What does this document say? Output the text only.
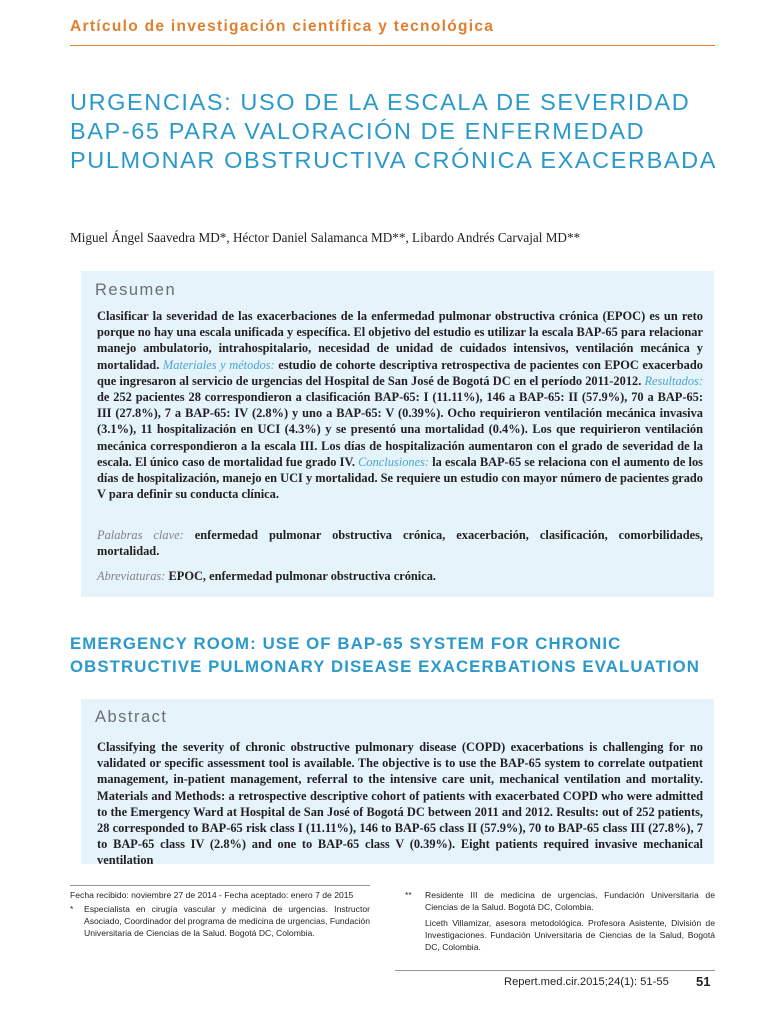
Artículo de investigación científica y tecnológica
URGENCIAS: USO DE LA ESCALA DE SEVERIDAD BAP-65 PARA VALORACIÓN DE ENFERMEDAD PULMONAR OBSTRUCTIVA CRÓNICA EXACERBADA
Miguel Ángel Saavedra MD*, Héctor Daniel Salamanca MD**, Libardo Andrés Carvajal MD**
Resumen

Clasificar la severidad de las exacerbaciones de la enfermedad pulmonar obstructiva crónica (EPOC) es un reto porque no hay una escala unificada y específica. El objetivo del estudio es utilizar la escala BAP-65 para relacionar manejo ambulatorio, intrahospitalario, necesidad de unidad de cuidados intensivos, ventilación mecánica y mortalidad. Materiales y métodos: estudio de cohorte descriptiva retrospectiva de pacientes con EPOC exacerbado que ingresaron al servicio de urgencias del Hospital de San José de Bogotá DC en el período 2011-2012. Resultados: de 252 pacientes 28 correspondieron a clasificación BAP-65: I (11.11%), 146 a BAP-65: II (57.9%), 70 a BAP-65: III (27.8%), 7 a BAP-65: IV (2.8%) y uno a BAP-65: V (0.39%). Ocho requirieron ventilación mecánica invasiva (3.1%), 11 hospitalización en UCI (4.3%) y se presentó una mortalidad (0.4%). Los que requirieron ventilación mecánica correspondieron a la escala III. Los días de hospitalización aumentaron con el grado de severidad de la escala. El único caso de mortalidad fue grado IV. Conclusiones: la escala BAP-65 se relaciona con el aumento de los días de hospitalización, manejo en UCI y mortalidad. Se requiere un estudio con mayor número de pacientes grado V para definir su conducta clínica.

Palabras clave: enfermedad pulmonar obstructiva crónica, exacerbación, clasificación, comorbilidades, mortalidad.

Abreviaturas: EPOC, enfermedad pulmonar obstructiva crónica.

EMERGENCY ROOM: USE OF BAP-65 SYSTEM FOR CHRONIC OBSTRUCTIVE PULMONARY DISEASE EXACERBATIONS EVALUATION
Abstract

Classifying the severity of chronic obstructive pulmonary disease (COPD) exacerbations is challenging for no validated or specific assessment tool is available. The objective is to use the BAP-65 system to correlate outpatient management, in-patient management, referral to the intensive care unit, mechanical ventilation and mortality. Materials and Methods: a retrospective descriptive cohort of patients with exacerbated COPD who were admitted to the Emergency Ward at Hospital de San José of Bogotá DC between 2011 and 2012. Results: out of 252 patients, 28 corresponded to BAP-65 risk class I (11.11%), 146 to BAP-65 class II (57.9%), 70 to BAP-65 class III (27.8%), 7 to BAP-65 class IV (2.8%) and one to BAP-65 class V (0.39%). Eight patients required invasive mechanical ventilation

Fecha recibido: noviembre 27 de 2014 - Fecha aceptado: enero 7 de 2015
*	Especialista en cirugía vascular y medicina de urgencias. Instructor Asociado, Coordinador del programa de medicina de urgencias, Fundación Universitaria de Ciencias de la Salud. Bogotá DC, Colombia.
**	Residente III de medicina de urgencias, Fundación Universitaria de Ciencias de la Salud. Bogotá DC, Colombia.
Liceth Villamizar, asesora metodológica. Profesora Asistente, División de Investigaciones. Fundación Universitaria de Ciencias de la Salud, Bogotá DC, Colombia.
Repert.med.cir.2015;24(1): 51-55 51
